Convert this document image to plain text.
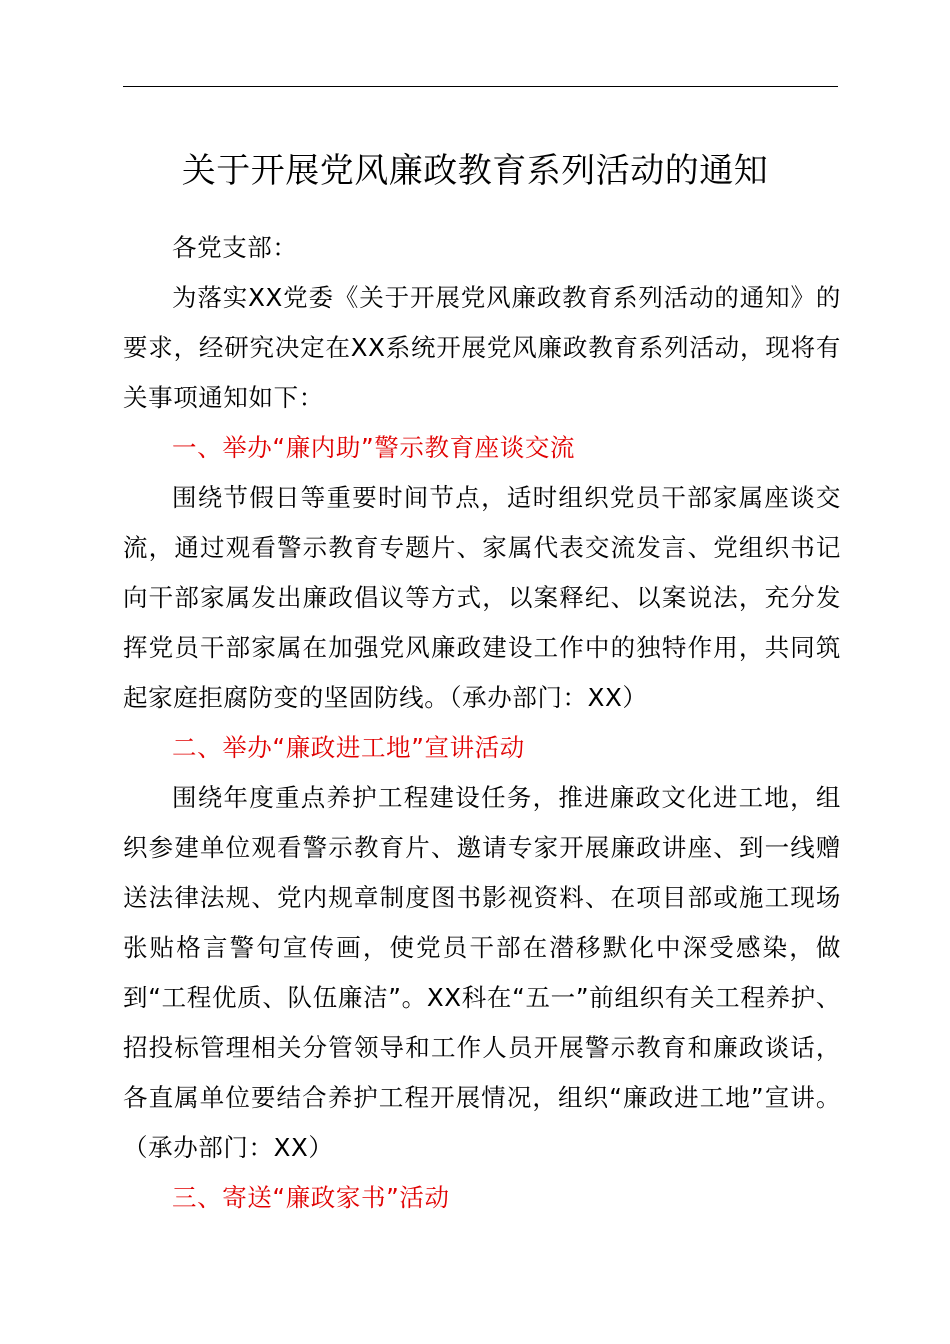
关于开展党风廉政教育系列活动的通知

各党支部：

为落实XX党委《关于开展党风廉政教育系列活动的通知》的要求，经研究决定在XX系统开展党风廉政教育系列活动，现将有关事项通知如下：

一、举办“廉内助”警示教育座谈交流

围绕节假日等重要时间节点，适时组织党员干部家属座谈交流，通过观看警示教育专题片、家属代表交流发言、党组织书记向干部家属发出廉政倡议等方式，以案释纪、以案说法，充分发挥党员干部家属在加强党风廉政建设工作中的独特作用，共同筑起家庭拒腐防变的坚固防线。（承办部门：XX）

二、举办“廉政进工地”宣讲活动

围绕年度重点养护工程建设任务，推进廉政文化进工地，组织参建单位观看警示教育片、邀请专家开展廉政讲座、到一线赠送法律法规、党内规章制度图书影视资料、在项目部或施工现场张贴格言警句宣传画，使党员干部在潜移默化中深受感染，做到“工程优质、队伍廉洁”。XX科在“五一”前组织有关工程养护、招投标管理相关分管领导和工作人员开展警示教育和廉政谈话，各直属单位要结合养护工程开展情况，组织“廉政进工地”宣讲。（承办部门：XX）

三、寄送“廉政家书”活动
